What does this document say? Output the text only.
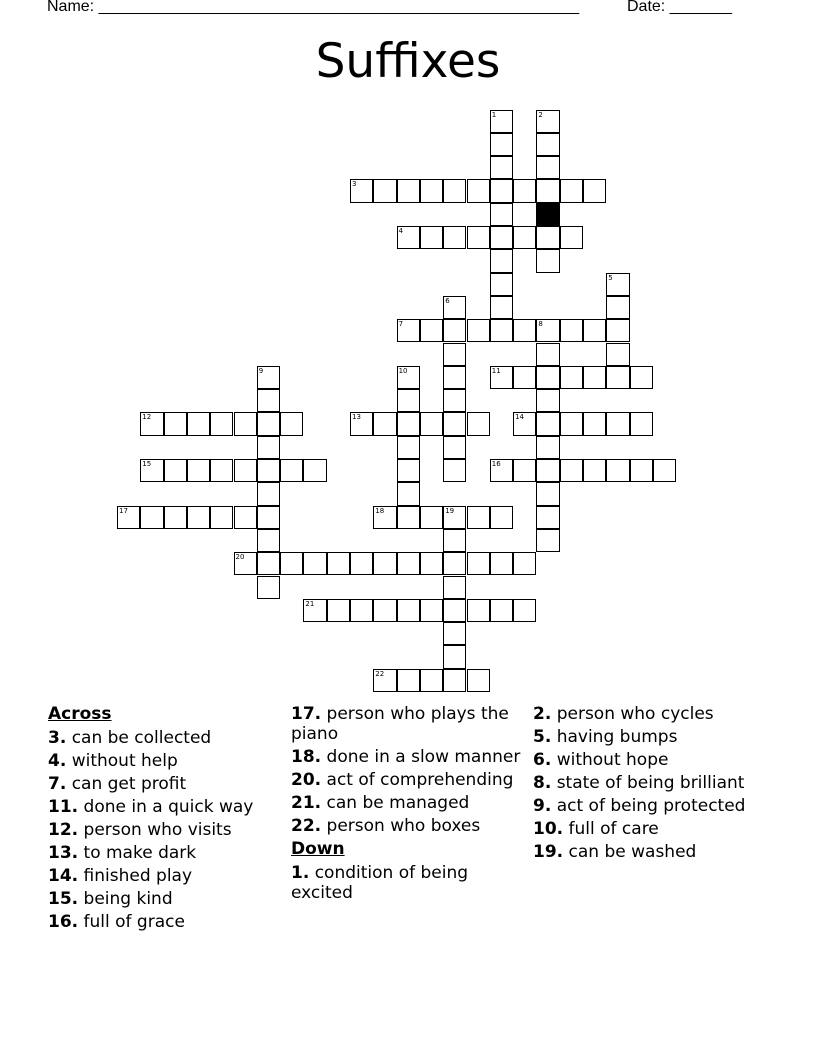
Name: ______________________________________________________	Date: _______
Suffixes
1	2
3
4
5
6
7	8
9	10	11
12	13	14
15	16
17	18	19
20
21
22
Across
3. can be collected
4. without help
7. can get profit
11. done in a quick way
12. person who visits
13. to make dark
14. finished play
15. being kind
16. full of grace
17. person who plays the piano
18. done in a slow manner
20. act of comprehending
21. can be managed
22. person who boxes
Down
1. condition of being excited
2. person who cycles
5. having bumps
6. without hope
8. state of being brilliant
9. act of being protected
10. full of care
19. can be washed
